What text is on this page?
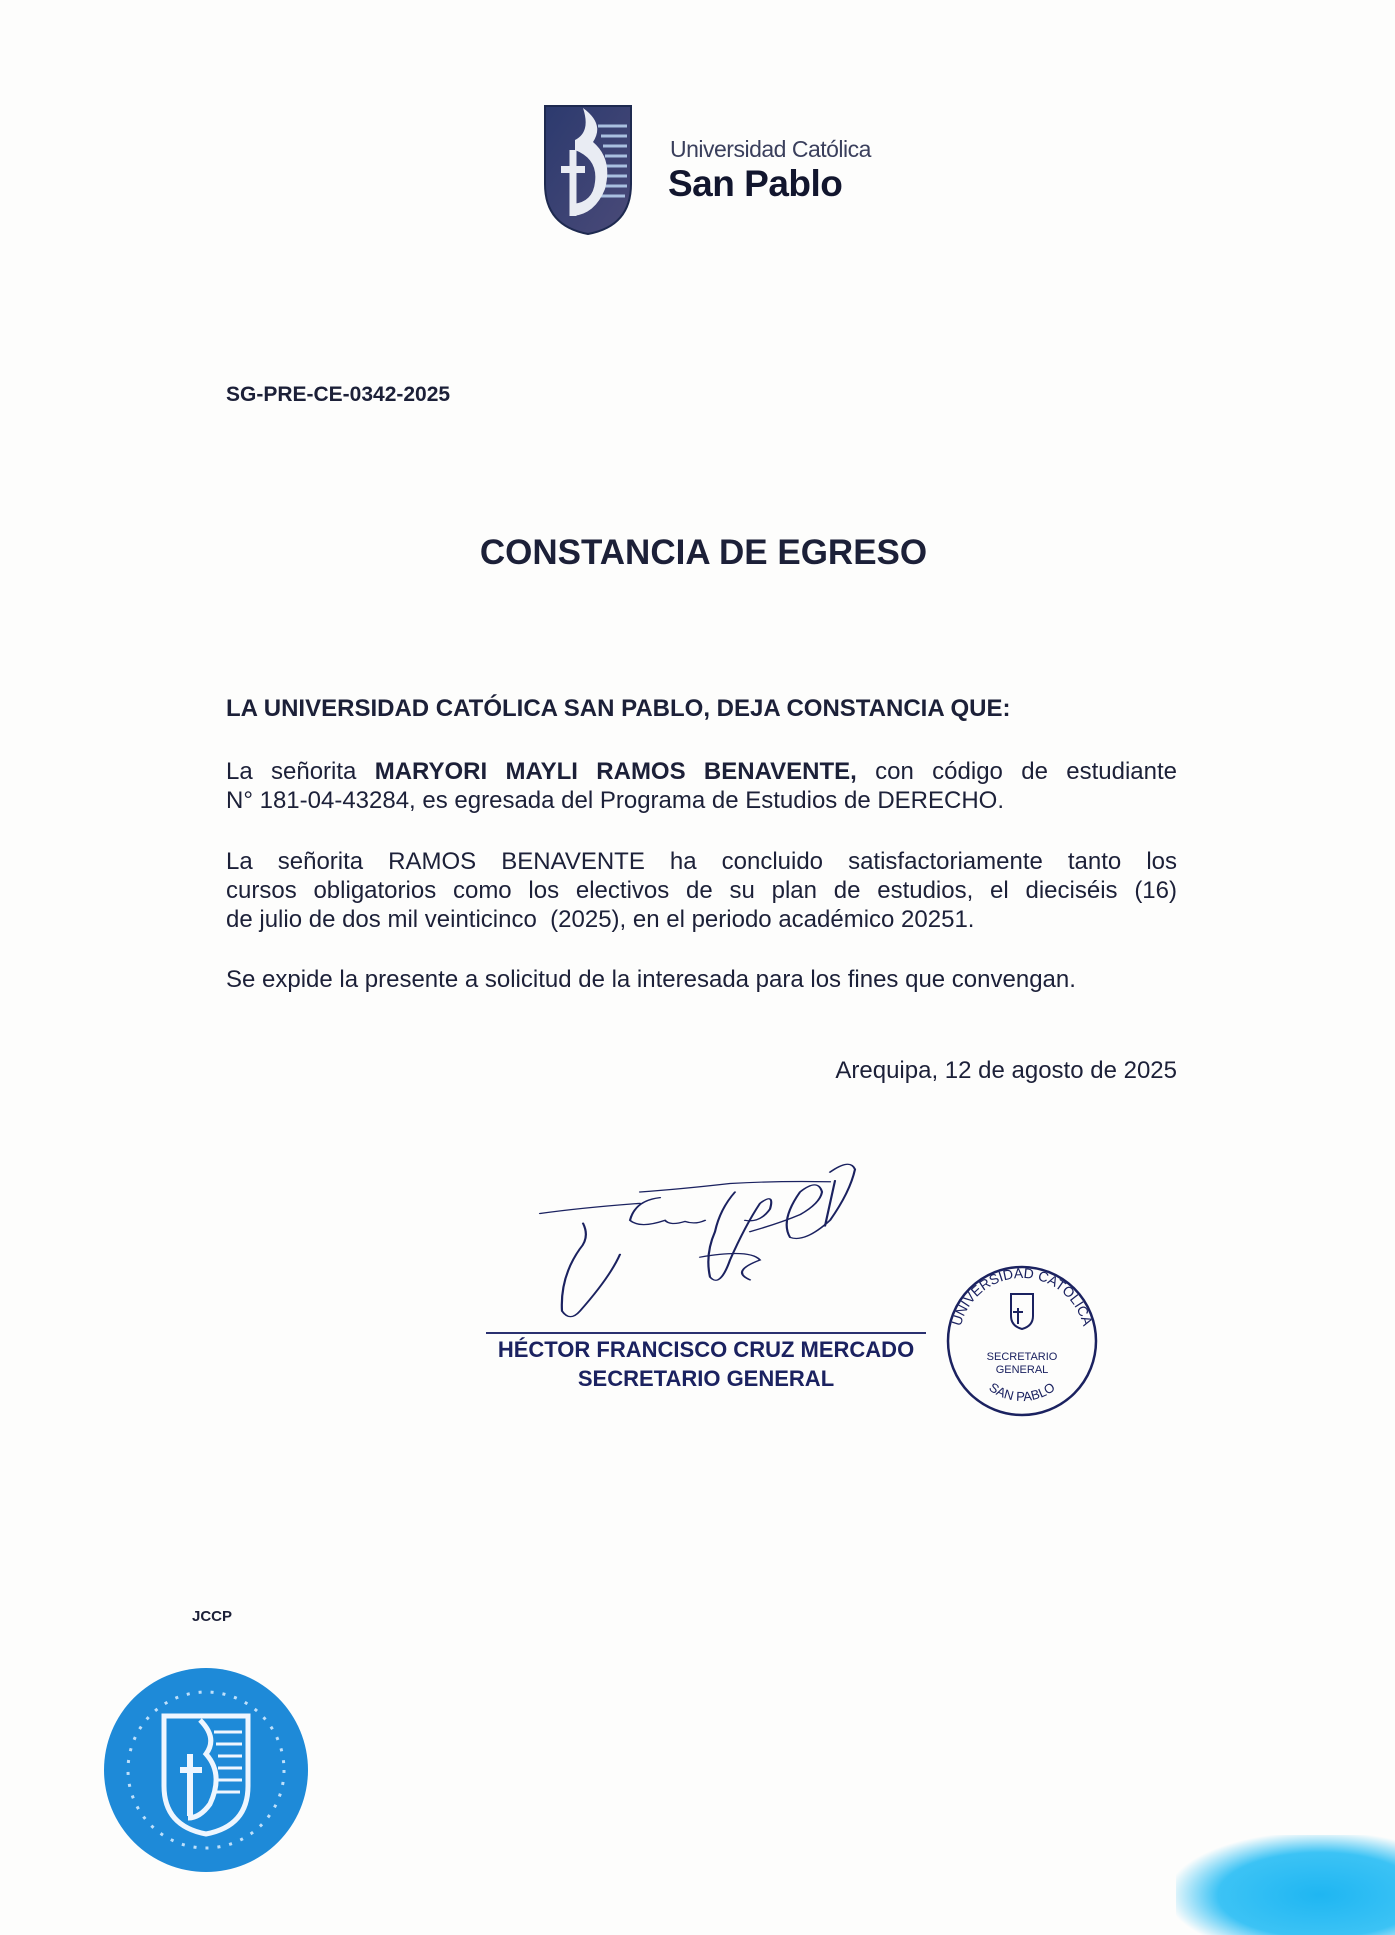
Universidad Católica
San Pablo
SG-PRE-CE-0342-2025
CONSTANCIA DE EGRESO
LA UNIVERSIDAD CATÓLICA SAN PABLO, DEJA CONSTANCIA QUE:
La señorita MARYORI MAYLI RAMOS BENAVENTE, con código de estudiante
N° 181-04-43284, es egresada del Programa de Estudios de DERECHO.
La señorita RAMOS BENAVENTE ha concluido satisfactoriamente tanto los
cursos obligatorios como los electivos de su plan de estudios, el dieciséis (16)
de julio de dos mil veinticinco  (2025), en el periodo académico 20251.
Se expide la presente a solicitud de la interesada para los fines que convengan.
Arequipa, 12 de agosto de 2025
HÉCTOR FRANCISCO CRUZ MERCADO
SECRETARIO GENERAL
UNIVERSIDAD CATÓLICA
SAN PABLO
SECRETARIO GENERAL
JCCP
